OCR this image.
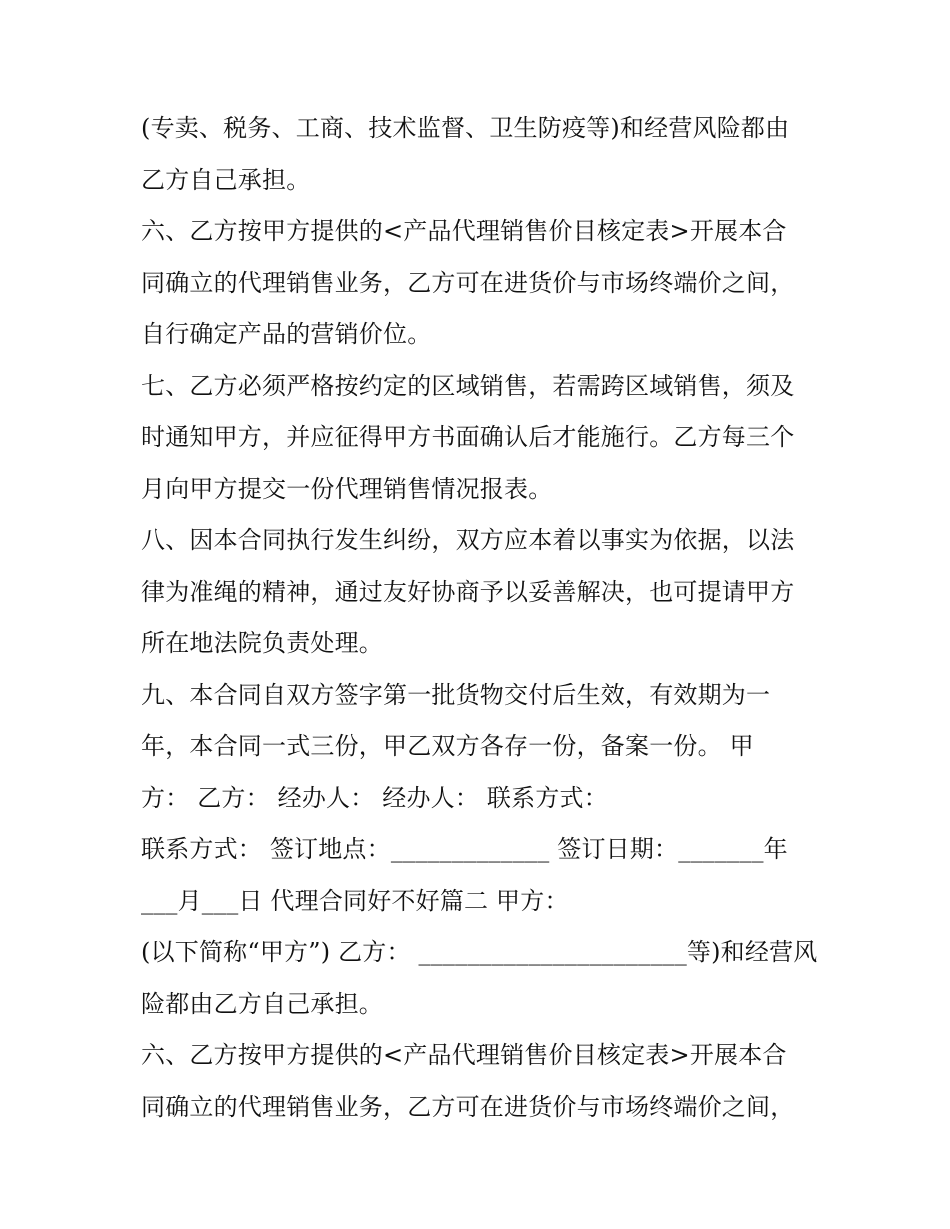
(专卖、税务、工商、技术监督、卫生防疫等)和经营风险都由
乙方自己承担。
六、乙方按甲方提供的<产品代理销售价目核定表>开展本合
同确立的代理销售业务，乙方可在进货价与市场终端价之间，
自行确定产品的营销价位。
七、乙方必须严格按约定的区域销售，若需跨区域销售，须及
时通知甲方，并应征得甲方书面确认后才能施行。乙方每三个
月向甲方提交一份代理销售情况报表。
八、因本合同执行发生纠纷，双方应本着以事实为依据，以法
律为准绳的精神，通过友好协商予以妥善解决，也可提请甲方
所在地法院负责处理。
九、本合同自双方签字第一批货物交付后生效，有效期为一
年，本合同一式三份，甲乙双方各存一份，备案一份。 甲
方： 乙方： 经办人： 经办人： 联系方式：
联系方式： 签订地点：_____________ 签订日期：_______年
___月___日 代理合同好不好篇二 甲方：
(以下简称“甲方”) 乙方： ______________________等)和经营风
险都由乙方自己承担。
六、乙方按甲方提供的<产品代理销售价目核定表>开展本合
同确立的代理销售业务，乙方可在进货价与市场终端价之间，
